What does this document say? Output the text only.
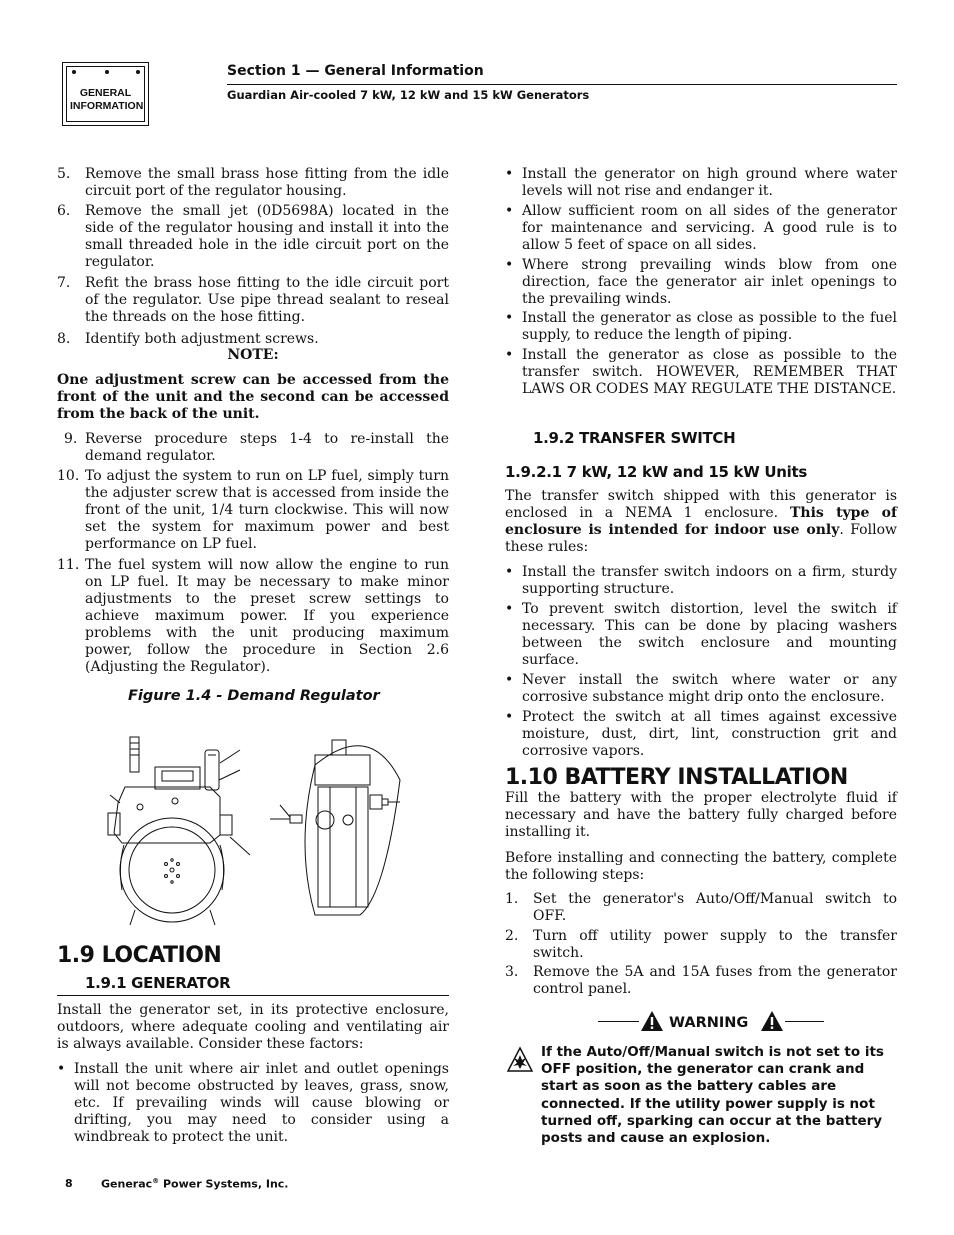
GENERAL
INFORMATION
Section 1 — General Information
Guardian Air-cooled 7 kW, 12 kW and 15 kW Generators
5. Remove the small brass hose fitting from the idle circuit port of the regulator housing.
6. Remove the small jet (0D5698A) located in the side of the regulator housing and install it into the small threaded hole in the idle circuit port on the regulator.
7. Refit the brass hose fitting to the idle circuit port of the regulator. Use pipe thread sealant to reseal the threads on the hose fitting.
8. Identify both adjustment screws.
NOTE:
One adjustment screw can be accessed from the front of the unit and the second can be accessed from the back of the unit.
9. Reverse procedure steps 1-4 to re-install the demand regulator.
10. To adjust the system to run on LP fuel, simply turn the adjuster screw that is accessed from inside the front of the unit, 1/4 turn clockwise. This will now set the system for maximum power and best performance on LP fuel.
11. The fuel system will now allow the engine to run on LP fuel. It may be necessary to make minor adjustments to the preset screw settings to achieve maximum power. If you experience problems with the unit producing maximum power, follow the procedure in Section 2.6 (Adjusting the Regulator).
Figure 1.4 - Demand Regulator
1.9 LOCATION
1.9.1 GENERATOR
Install the generator set, in its protective enclosure, outdoors, where adequate cooling and ventilating air is always available. Consider these factors:
• Install the unit where air inlet and outlet openings will not become obstructed by leaves, grass, snow, etc. If prevailing winds will cause blowing or drifting, you may need to consider using a windbreak to protect the unit.
• Install the generator on high ground where water levels will not rise and endanger it.
• Allow sufficient room on all sides of the generator for maintenance and servicing. A good rule is to allow 5 feet of space on all sides.
• Where strong prevailing winds blow from one direction, face the generator air inlet openings to the prevailing winds.
• Install the generator as close as possible to the fuel supply, to reduce the length of piping.
• Install the generator as close as possible to the transfer switch. HOWEVER, REMEMBER THAT LAWS OR CODES MAY REGULATE THE DISTANCE.
1.9.2 TRANSFER SWITCH
1.9.2.1 7 kW, 12 kW and 15 kW Units
The transfer switch shipped with this generator is enclosed in a NEMA 1 enclosure. This type of enclosure is intended for indoor use only. Follow these rules:
• Install the transfer switch indoors on a firm, sturdy supporting structure.
• To prevent switch distortion, level the switch if necessary. This can be done by placing washers between the switch enclosure and mounting surface.
• Never install the switch where water or any corrosive substance might drip onto the enclosure.
• Protect the switch at all times against excessive moisture, dust, dirt, lint, construction grit and corrosive vapors.
1.10 BATTERY INSTALLATION
Fill the battery with the proper electrolyte fluid if necessary and have the battery fully charged before installing it.
Before installing and connecting the battery, complete the following steps:
1. Set the generator's Auto/Off/Manual switch to OFF.
2. Turn off utility power supply to the transfer switch.
3. Remove the 5A and 15A fuses from the generator control panel.
WARNING
If the Auto/Off/Manual switch is not set to its OFF position, the generator can crank and start as soon as the battery cables are connected. If the utility power supply is not turned off, sparking can occur at the battery posts and cause an explosion.
8	Generac® Power Systems, Inc.
